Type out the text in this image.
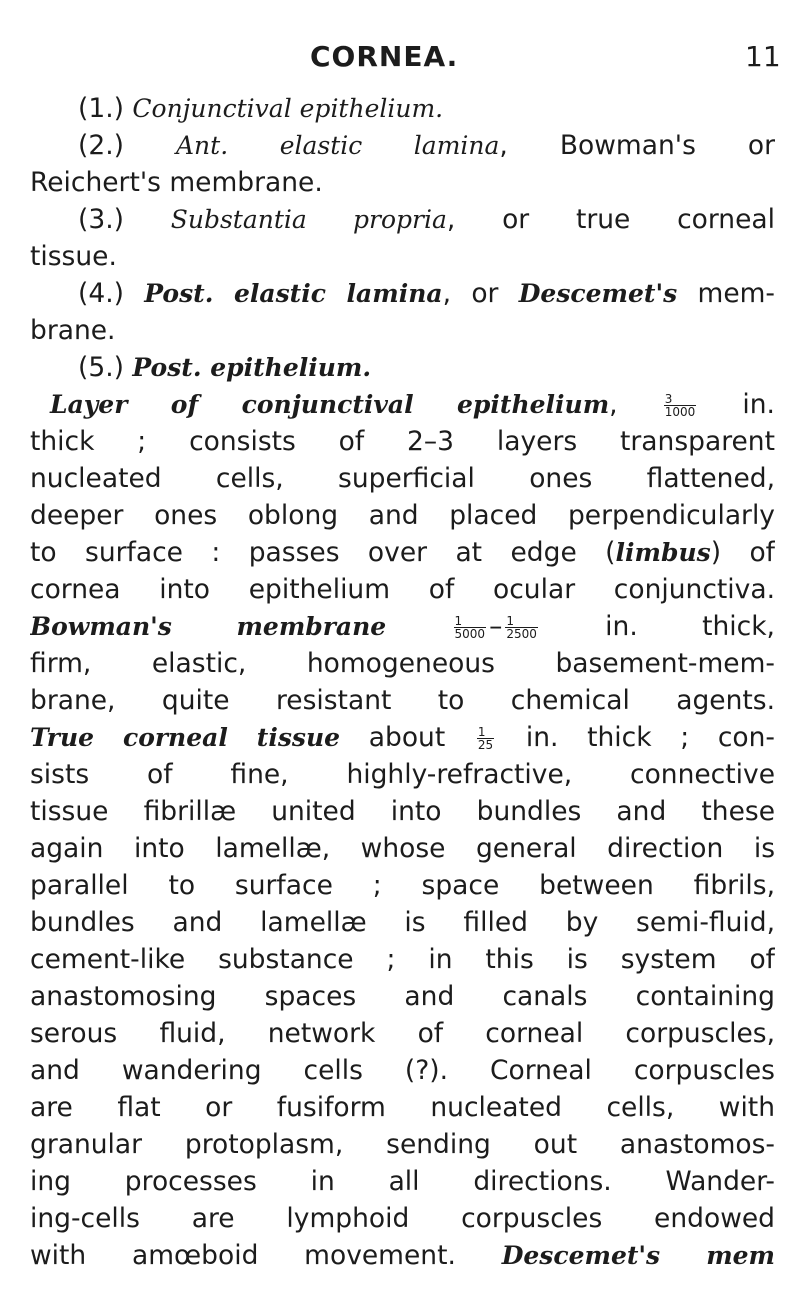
CORNEA.	11
(1.) Conjunctival epithelium.
(2.) Ant. elastic lamina, Bowman's or
Reichert's membrane.
(3.) Substantia propria, or true corneal
tissue.
(4.) Post. elastic lamina, or Descemet's mem-
brane.
(5.) Post. epithelium.
Layer of conjunctival epithelium, $\frac{3}{1000}$ in.
thick ; consists of 2–3 layers transparent
nucleated cells, superficial ones flattened,
deeper ones oblong and placed perpendicularly
to surface : passes over at edge (limbus) of
cornea into epithelium of ocular conjunctiva.
Bowman's membrane	$\frac{1}{5000} - \frac{1}{2500}$ in. thick,
firm, elastic, homogeneous basement-mem-
brane, quite resistant to chemical agents.
True corneal tissue about $\frac{1}{25}$ in. thick ; con-
sists of fine, highly-refractive, connective
tissue fibrillæ united into bundles and these
again into lamellæ, whose general direction is
parallel to surface ; space between fibrils,
bundles and lamellæ is filled by semi-fluid,
cement-like substance ; in this is system of
anastomosing spaces and canals containing
serous fluid, network of corneal corpuscles,
and wandering cells (?). Corneal corpuscles
are flat or fusiform nucleated cells, with
granular protoplasm, sending out anastomos-
ing processes in all directions. Wander-
ing-cells are lymphoid corpuscles endowed
with amœboid movement. Descemet's mem
